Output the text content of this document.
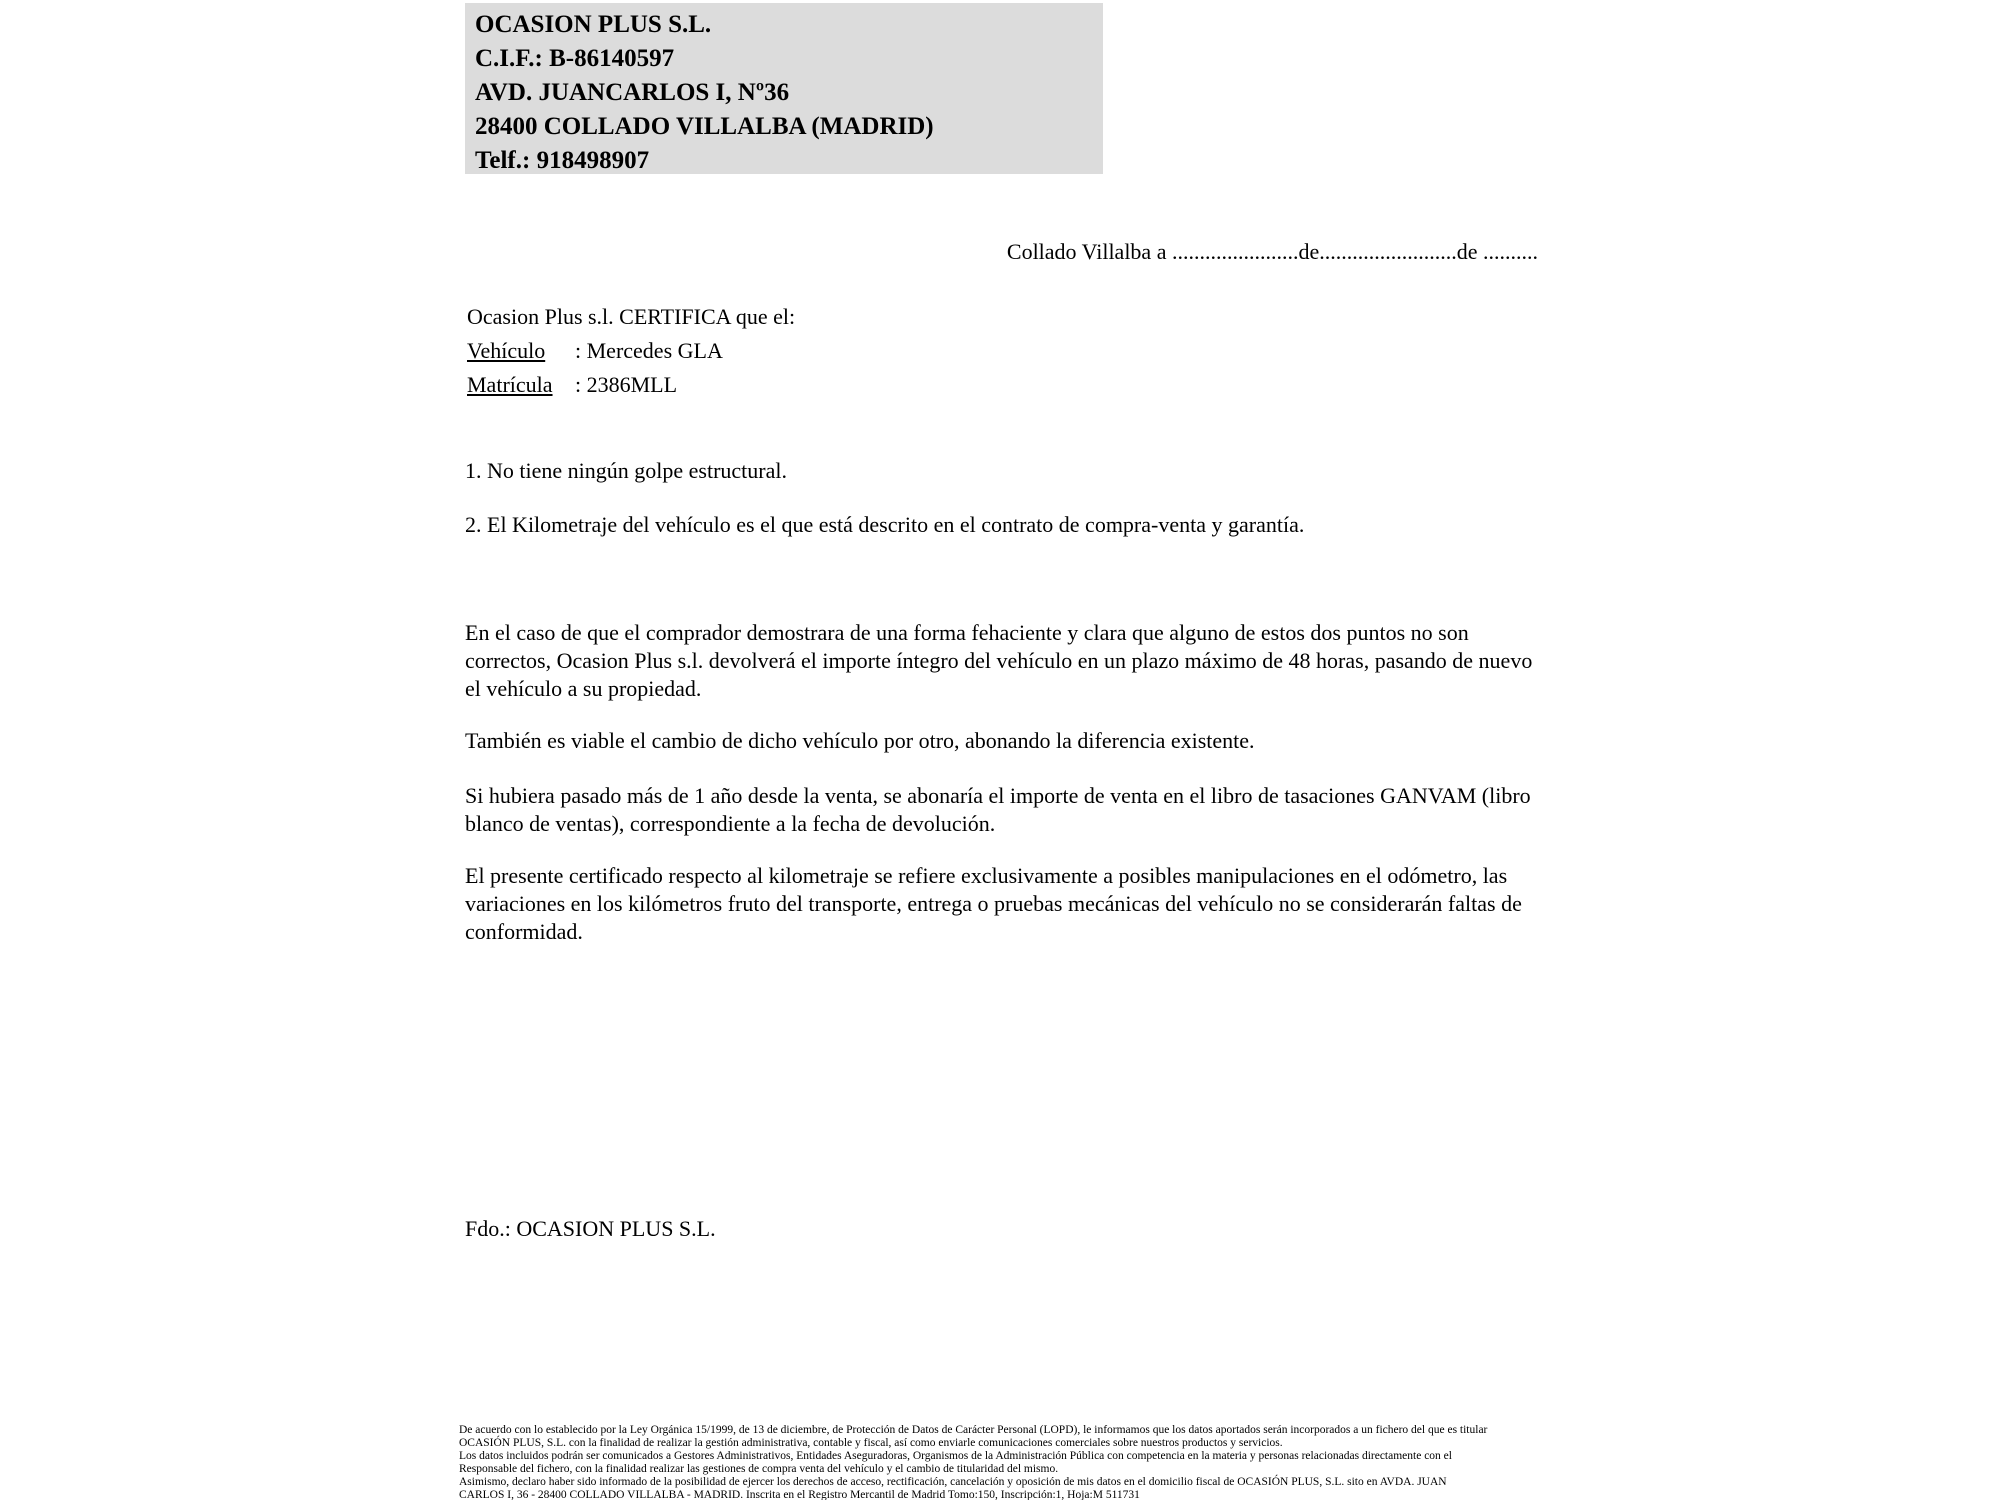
OCASION PLUS S.L.
C.I.F.: B-86140597
AVD. JUANCARLOS I, Nº36
28400 COLLADO VILLALBA (MADRID)
Telf.: 918498907
Collado Villalba a .......................de.........................de ..........
Ocasion Plus s.l. CERTIFICA que el:
Vehículo : Mercedes GLA
Matrícula : 2386MLL
1. No tiene ningún golpe estructural.
2. El Kilometraje del vehículo es el que está descrito en el contrato de compra-venta y garantía.
En el caso de que el comprador demostrara de una forma fehaciente y clara que alguno de estos dos puntos no son correctos, Ocasion Plus s.l. devolverá el importe íntegro del vehículo en un plazo máximo de 48 horas, pasando de nuevo el vehículo a su propiedad.
También es viable el cambio de dicho vehículo por otro, abonando la diferencia existente.
Si hubiera pasado más de 1 año desde la venta, se abonaría el importe de venta en el libro de tasaciones GANVAM (libro blanco de ventas), correspondiente a la fecha de devolución.
El presente certificado respecto al kilometraje se refiere exclusivamente a posibles manipulaciones en el odómetro, las variaciones en los kilómetros fruto del transporte, entrega o pruebas mecánicas del vehículo no se considerarán faltas de conformidad.
Fdo.: OCASION PLUS S.L.
De acuerdo con lo establecido por la Ley Orgánica 15/1999, de 13 de diciembre, de Protección de Datos de Carácter Personal (LOPD), le informamos que los datos aportados serán incorporados a un fichero del que es titular
OCASIÓN PLUS, S.L. con la finalidad de realizar la gestión administrativa, contable y fiscal, así como enviarle comunicaciones comerciales sobre nuestros productos y servicios.
Los datos incluidos podrán ser comunicados a Gestores Administrativos, Entidades Aseguradoras, Organismos de la Administración Pública con competencia en la materia y personas relacionadas directamente con el
Responsable del fichero, con la finalidad realizar las gestiones de compra venta del vehículo y el cambio de titularidad del mismo.
Asimismo, declaro haber sido informado de la posibilidad de ejercer los derechos de acceso, rectificación, cancelación y oposición de mis datos en el domicilio fiscal de OCASIÓN PLUS, S.L. sito en AVDA. JUAN
CARLOS I, 36 - 28400 COLLADO VILLALBA - MADRID. Inscrita en el Registro Mercantil de Madrid Tomo:150, Inscripción:1, Hoja:M 511731
